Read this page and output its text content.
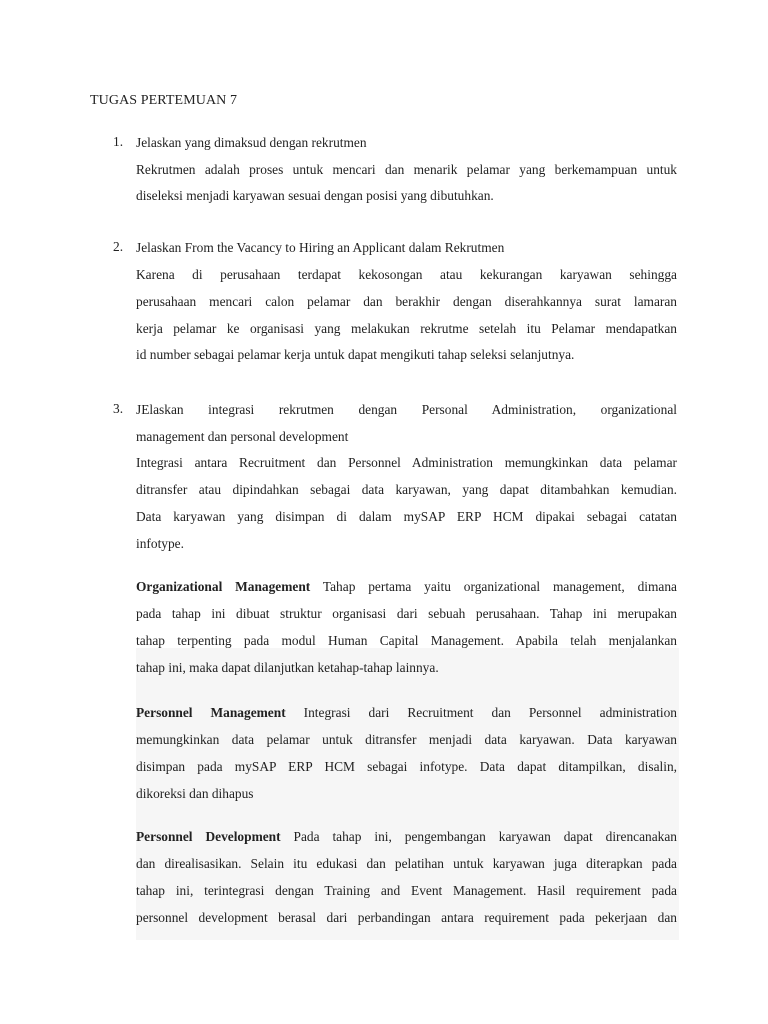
TUGAS PERTEMUAN 7
1. Jelaskan yang dimaksud dengan rekrutmen
Rekrutmen adalah proses untuk mencari dan menarik pelamar yang berkemampuan untuk
diseleksi menjadi karyawan sesuai dengan posisi yang dibutuhkan.
2. Jelaskan From the Vacancy to Hiring an Applicant dalam Rekrutmen
Karena di perusahaan terdapat kekosongan atau kekurangan karyawan sehingga
perusahaan mencari calon pelamar dan berakhir dengan diserahkannya surat lamaran
kerja pelamar ke organisasi yang melakukan rekrutme setelah itu Pelamar mendapatkan
id number sebagai pelamar kerja untuk dapat mengikuti tahap seleksi selanjutnya.
3. JElaskan integrasi rekrutmen dengan Personal Administration, organizational
management dan personal development
Integrasi antara Recruitment dan Personnel Administration memungkinkan data pelamar
ditransfer atau dipindahkan sebagai data karyawan, yang dapat ditambahkan kemudian.
Data karyawan yang disimpan di dalam mySAP ERP HCM dipakai sebagai catatan
infotype.
Organizational Management Tahap pertama yaitu organizational management, dimana
pada tahap ini dibuat struktur organisasi dari sebuah perusahaan. Tahap ini merupakan
tahap terpenting pada modul Human Capital Management. Apabila telah menjalankan
tahap ini, maka dapat dilanjutkan ketahap-tahap lainnya.
Personnel Management Integrasi dari Recruitment dan Personnel administration
memungkinkan data pelamar untuk ditransfer menjadi data karyawan. Data karyawan
disimpan pada mySAP ERP HCM sebagai infotype. Data dapat ditampilkan, disalin,
dikoreksi dan dihapus
Personnel Development Pada tahap ini, pengembangan karyawan dapat direncanakan
dan direalisasikan. Selain itu edukasi dan pelatihan untuk karyawan juga diterapkan pada
tahap ini, terintegrasi dengan Training and Event Management. Hasil requirement pada
personnel development berasal dari perbandingan antara requirement pada pekerjaan dan
